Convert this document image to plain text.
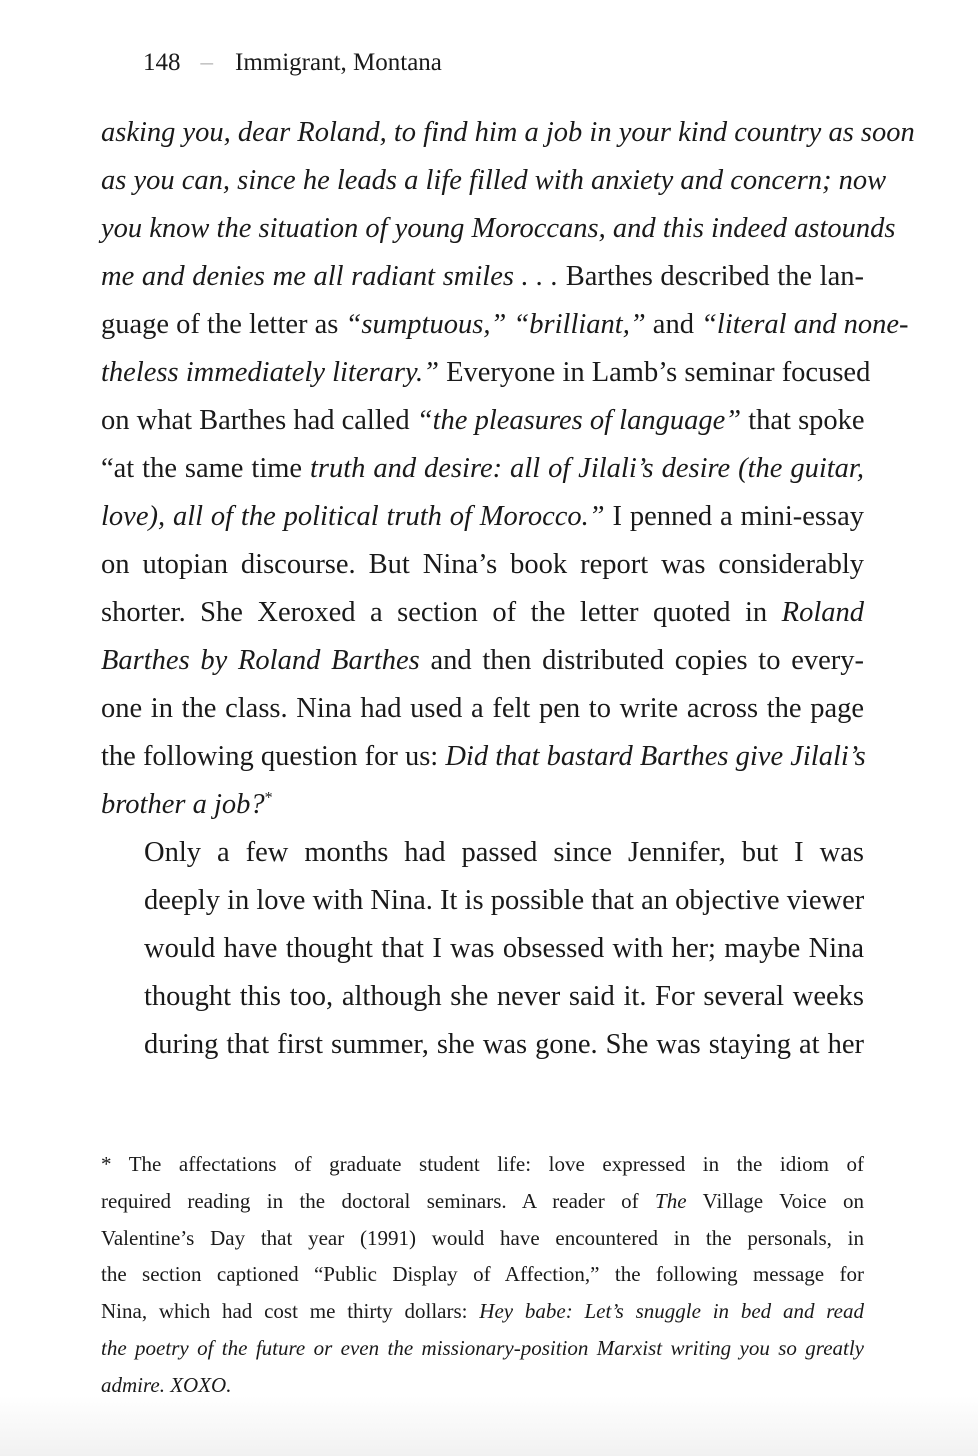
148 – Immigrant, Montana

asking you, dear Roland, to find him a job in your kind country as soon
as you can, since he leads a life filled with anxiety and concern; now
you know the situation of young Moroccans, and this indeed astounds
me and denies me all radiant smiles . . . Barthes described the lan-
guage of the letter as “sumptuous,” “brilliant,” and “literal and none-
theless immediately literary.” Everyone in Lamb’s seminar focused
on what Barthes had called “the pleasures of language” that spoke
“at the same time truth and desire: all of Jilali’s desire (the guitar,
love), all of the political truth of Morocco.” I penned a mini-essay
on utopian discourse. But Nina’s book report was considerably
shorter. She Xeroxed a section of the letter quoted in Roland
Barthes by Roland Barthes and then distributed copies to every-
one in the class. Nina had used a felt pen to write across the page
the following question for us: Did that bastard Barthes give Jilali’s
brother a job?*

Only a few months had passed since Jennifer, but I was
deeply in love with Nina. It is possible that an objective viewer
would have thought that I was obsessed with her; maybe Nina
thought this too, although she never said it. For several weeks
during that first summer, she was gone. She was staying at her

* The affectations of graduate student life: love expressed in the idiom of
required reading in the doctoral seminars. A reader of The Village Voice on
Valentine’s Day that year (1991) would have encountered in the personals, in
the section captioned “Public Display of Affection,” the following message for
Nina, which had cost me thirty dollars: Hey babe: Let’s snuggle in bed and read
the poetry of the future or even the missionary-position Marxist writing you so greatly
admire. XOXO.
